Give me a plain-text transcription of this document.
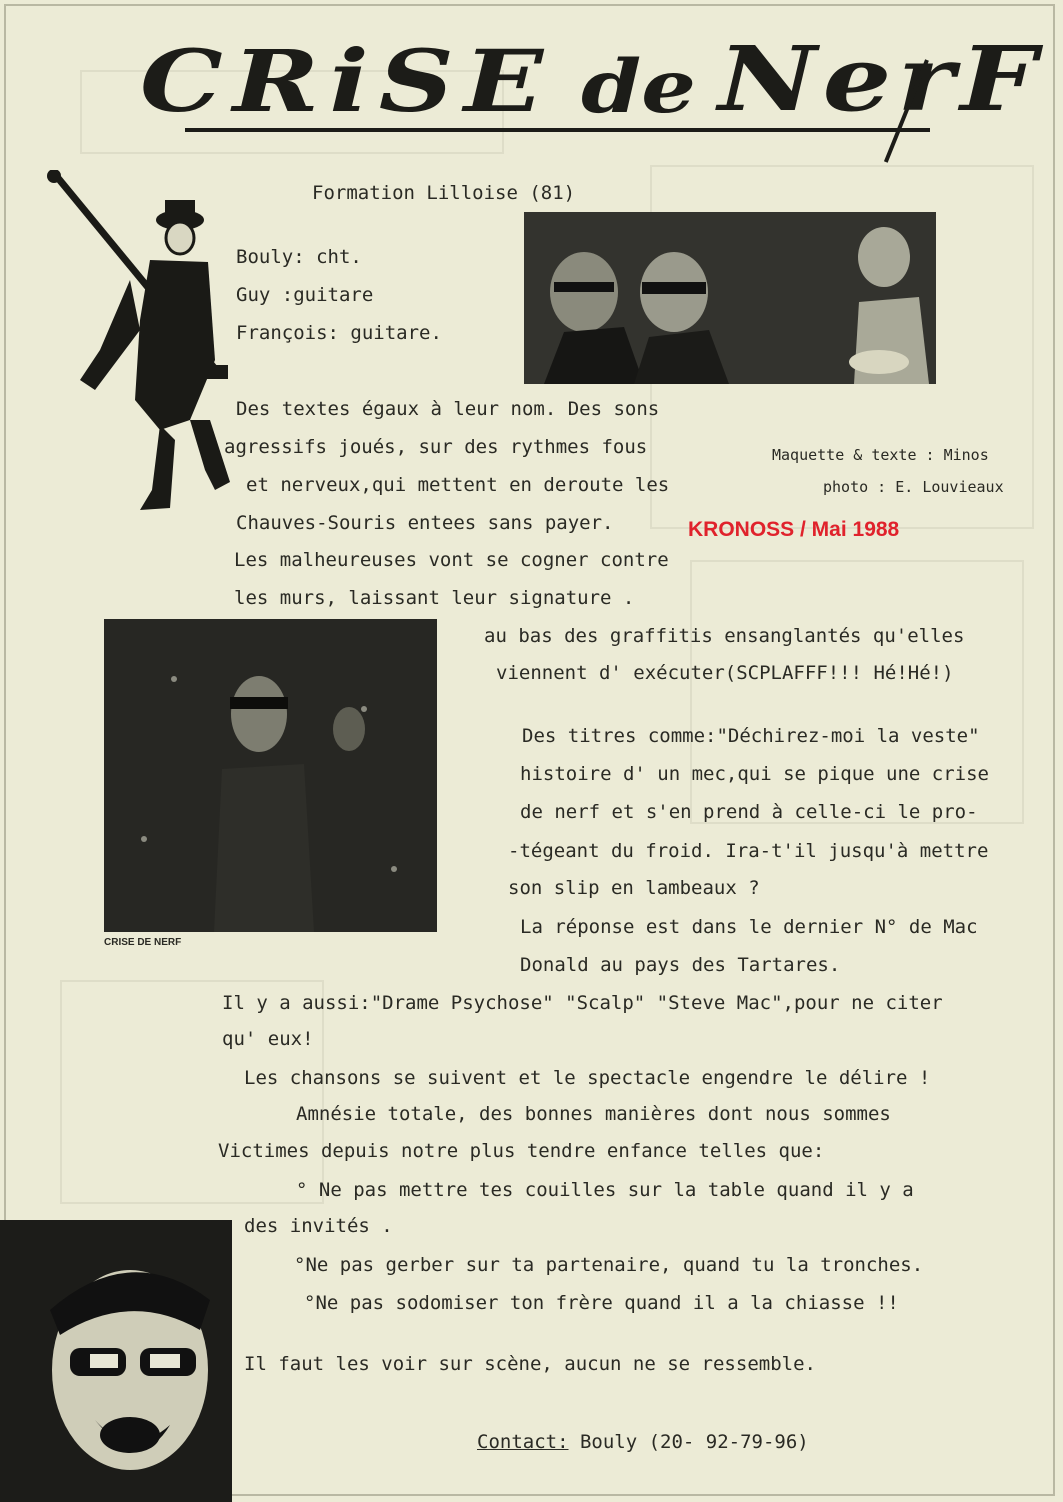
CRiSE de NerF
Formation Lilloise (81)
Bouly: cht.
Guy :guitare
François: guitare.
Maquette & texte : Minos
photo : E. Louvieaux
KRONOSS / Mai 1988
Des textes égaux à leur nom. Des sons
agressifs joués, sur des rythmes fous
et nerveux,qui mettent en deroute les
Chauves-Souris entees sans payer.
Les malheureuses vont se cogner contre
les murs, laissant leur signature .
au bas des graffitis ensanglantés qu'elles
viennent d' exécuter(SCPLAFFF!!! Hé!Hé!)
CRISE DE NERF
Des titres comme:"Déchirez-moi la veste"
histoire d' un mec,qui se pique une crise
de nerf et s'en prend à celle-ci le pro-
-tégeant du froid. Ira-t'il jusqu'à mettre
son slip en lambeaux ?
La réponse est dans le dernier N° de Mac
Donald au pays des Tartares.
Il y a aussi:"Drame Psychose" "Scalp" "Steve Mac",pour ne citer
qu' eux!
Les chansons se suivent et le spectacle engendre le délire !
Amnésie totale, des bonnes manières dont nous sommes
Victimes depuis notre plus tendre enfance telles que:
° Ne pas mettre tes couilles sur la table quand il y a
des invités .
°Ne pas gerber sur ta partenaire, quand tu la tronches.
°Ne pas sodomiser ton frère quand il a la chiasse !!
Il faut les voir sur scène, aucun ne se ressemble.
Contact: Bouly (20- 92-79-96)
